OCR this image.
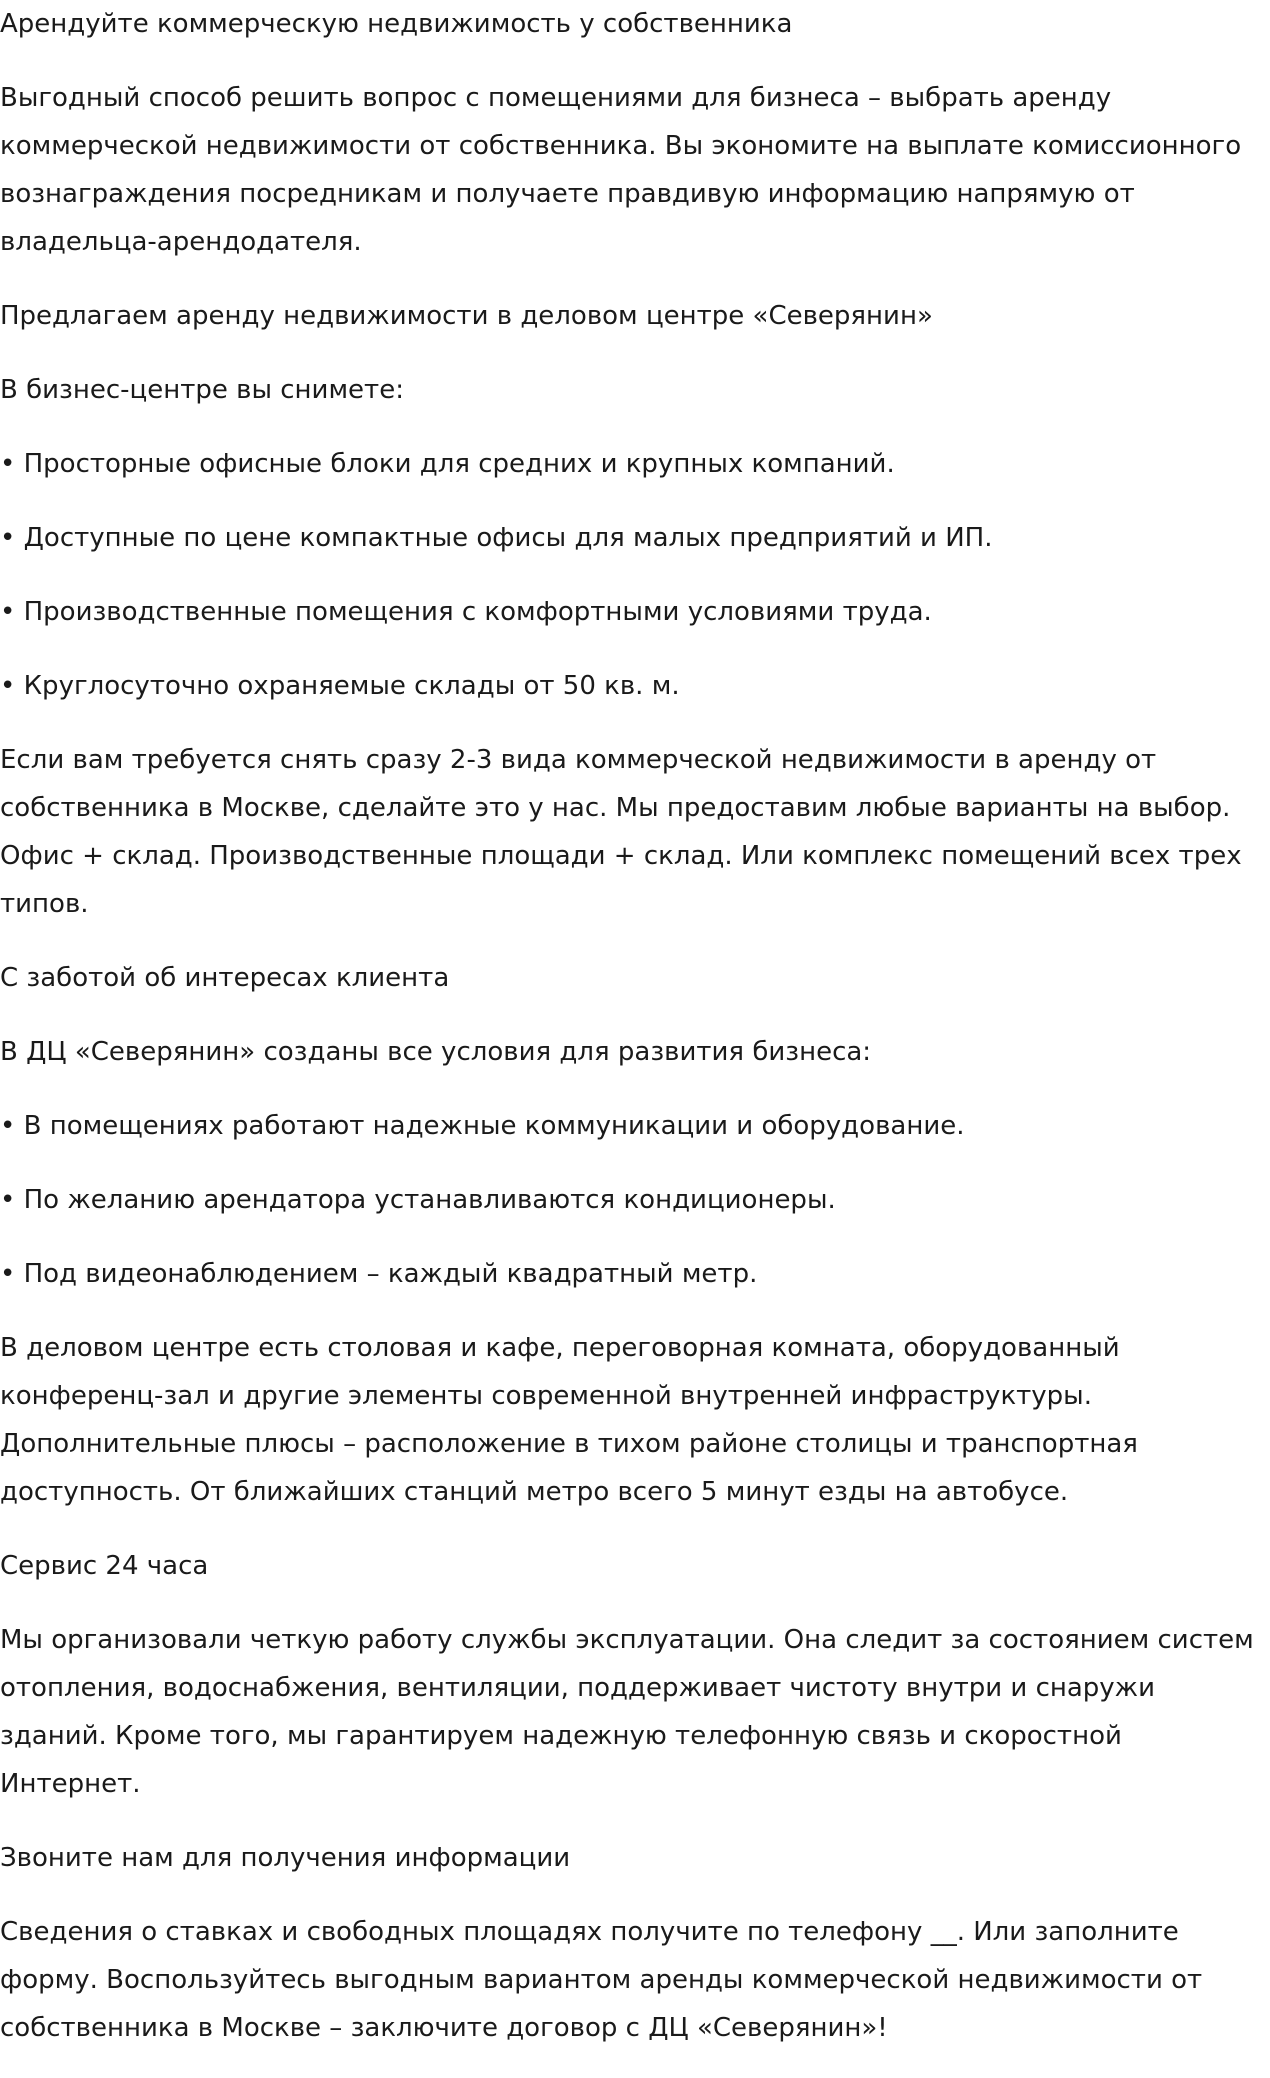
Арендуйте коммерческую недвижимость у собственника

Выгодный способ решить вопрос с помещениями для бизнеса – выбрать аренду коммерческой недвижимости от собственника. Вы экономите на выплате комиссионного вознаграждения посредникам и получаете правдивую информацию напрямую от владельца-арендодателя.

Предлагаем аренду недвижимости в деловом центре «Северянин»

В бизнес-центре вы снимете:

• Просторные офисные блоки для средних и крупных компаний.

• Доступные по цене компактные офисы для малых предприятий и ИП.

• Производственные помещения с комфортными условиями труда.

• Круглосуточно охраняемые склады от 50 кв. м.

Если вам требуется снять сразу 2-3 вида коммерческой недвижимости в аренду от собственника в Москве, сделайте это у нас. Мы предоставим любые варианты на выбор. Офис + склад. Производственные площади + склад. Или комплекс помещений всех трех типов.

С заботой об интересах клиента

В ДЦ «Северянин» созданы все условия для развития бизнеса:

• В помещениях работают надежные коммуникации и оборудование.

• По желанию арендатора устанавливаются кондиционеры.

• Под видеонаблюдением – каждый квадратный метр.

В деловом центре есть столовая и кафе, переговорная комната, оборудованный конференц-зал и другие элементы современной внутренней инфраструктуры. Дополнительные плюсы – расположение в тихом районе столицы и транспортная доступность. От ближайших станций метро всего 5 минут езды на автобусе.

Сервис 24 часа

Мы организовали четкую работу службы эксплуатации. Она следит за состоянием систем отопления, водоснабжения, вентиляции, поддерживает чистоту внутри и снаружи зданий. Кроме того, мы гарантируем надежную телефонную связь и скоростной Интернет.

Звоните нам для получения информации

Сведения о ставках и свободных площадях получите по телефону __. Или заполните форму. Воспользуйтесь выгодным вариантом аренды коммерческой недвижимости от собственника в Москве – заключите договор с ДЦ «Северянин»!
